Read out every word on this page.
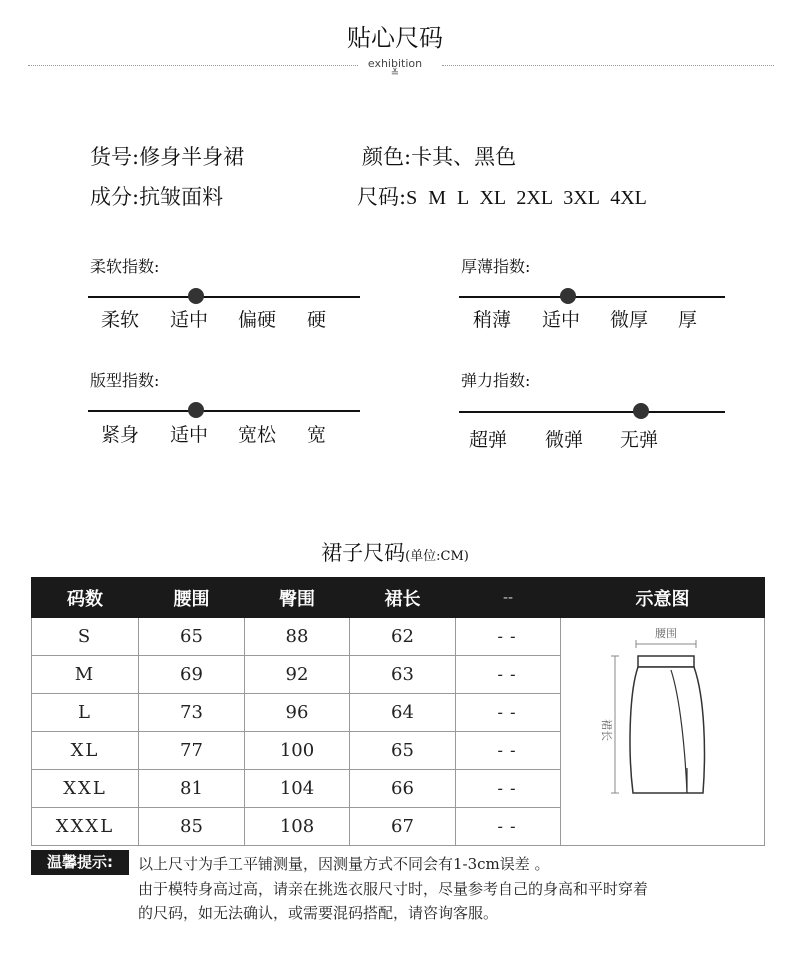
贴心尺码
exhibition
≚
货号:修身半身裙	颜色:卡其、黑色
成分:抗皱面料	尺码:S M L XL 2XL 3XL 4XL
柔软指数:
柔软 适中 偏硬 硬
厚薄指数:
稍薄 适中 微厚 厚
版型指数:
紧身 适中 宽松 宽
弹力指数:
超弹 微弹 无弹
裙子尺码(单位:CM)
码数	腰围	臀围	裙长	--	示意图
S	65	88	62	--	腰围
裙长

M	69	92	63	--	
L	73	96	64	--	
XL	77	100	65	--	
XXL	81	104	66	--	
XXXL	85	108	67	--	
温馨提示:	以上尺寸为手工平铺测量，因测量方式不同会有1-3cm误差 。
由于模特身高过高，请亲在挑选衣服尺寸时，尽量参考自己的身高和平时穿着
的尺码，如无法确认，或需要混码搭配，请咨询客服。
